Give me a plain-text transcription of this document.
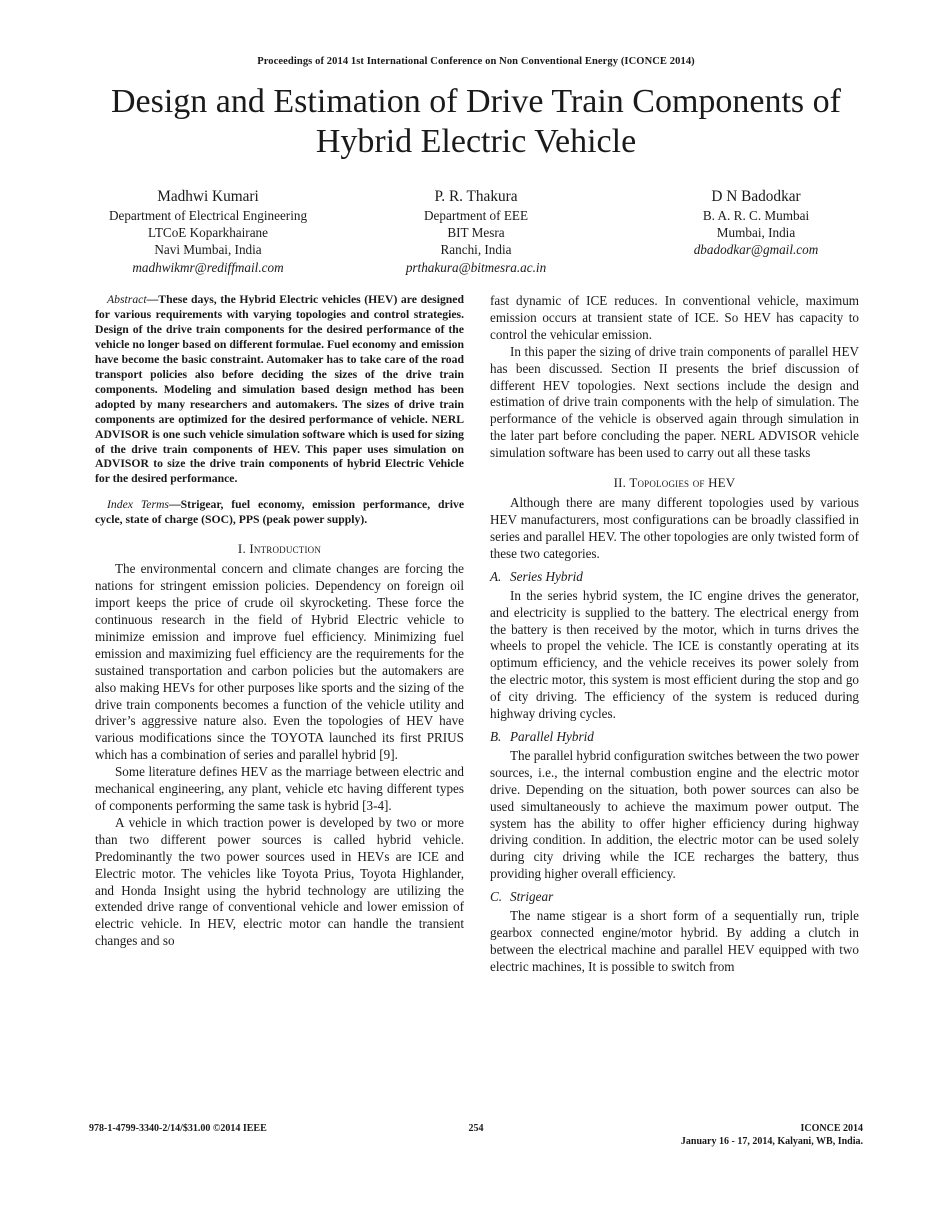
Proceedings of 2014 1st International Conference on Non Conventional Energy (ICONCE 2014)
Design and Estimation of Drive Train Components of
Hybrid Electric Vehicle
Madhwi Kumari
Department of Electrical Engineering
LTCoE Koparkhairane
Navi Mumbai, India
madhwikmr@rediffmail.com
P. R. Thakura
Department of EEE
BIT Mesra
Ranchi, India
prthakura@bitmesra.ac.in
D N Badodkar
B. A. R. C. Mumbai
Mumbai, India
dbadodkar@gmail.com

Abstract—These days, the Hybrid Electric vehicles (HEV) are designed for various requirements with varying topologies and control strategies. Design of the drive train components for the desired performance of the vehicle no longer based on different formulae. Fuel economy and emission have become the basic constraint. Automaker has to take care of the road transport policies also before deciding the sizes of the drive train components. Modeling and simulation based design method has been adopted by many researchers and automakers. The sizes of drive train components are optimized for the desired performance of vehicle. NERL ADVISOR is one such vehicle simulation software which is used for sizing of the drive train components of HEV. This paper uses simulation on ADVISOR to size the drive train components of hybrid Electric Vehicle for the desired performance.

Index Terms—Strigear, fuel economy, emission performance, drive cycle, state of charge (SOC), PPS (peak power supply).

I. Introduction

The environmental concern and climate changes are forcing the nations for stringent emission policies. Dependency on foreign oil import keeps the price of crude oil skyrocketing. These force the continuous research in the field of Hybrid Electric vehicle to minimize emission and improve fuel efficiency. Minimizing fuel emission and maximizing fuel efficiency are the requirements for the sustained transportation and carbon policies but the automakers are also making HEVs for other purposes like sports and the sizing of the drive train components becomes a function of the vehicle utility and driver’s aggressive nature also. Even the topologies of HEV have various modifications since the TOYOTA launched its first PRIUS which has a combination of series and parallel hybrid [9].

Some literature defines HEV as the marriage between electric and mechanical engineering, any plant, vehicle etc having different types of components performing the same task is hybrid [3-4].

A vehicle in which traction power is developed by two or more than two different power sources is called hybrid vehicle. Predominantly the two power sources used in HEVs are ICE and Electric motor. The vehicles like Toyota Prius, Toyota Highlander, and Honda Insight using the hybrid technology are utilizing the extended drive range of conventional vehicle and lower emission of electric vehicle. In HEV, electric motor can handle the transient changes and so

fast dynamic of ICE reduces. In conventional vehicle, maximum emission occurs at transient state of ICE. So HEV has capacity to control the vehicular emission.

In this paper the sizing of drive train components of parallel HEV has been discussed. Section II presents the brief discussion of different HEV topologies. Next sections include the design and estimation of drive train components with the help of simulation. The performance of the vehicle is observed again through simulation in the later part before concluding the paper. NERL ADVISOR vehicle simulation software has been used to carry out all these tasks

II. Topologies of HEV

Although there are many different topologies used by various HEV manufacturers, most configurations can be broadly classified in series and parallel HEV. The other topologies are only twisted form of these two categories.

A. Series Hybrid

In the series hybrid system, the IC engine drives the generator, and electricity is supplied to the battery. The electrical energy from the battery is then received by the motor, which in turns drives the wheels to propel the vehicle. The ICE is constantly operating at its optimum efficiency, and the vehicle receives its power solely from the electric motor, this system is most efficient during the stop and go of city driving. The efficiency of the system is reduced during highway driving cycles.

B. Parallel Hybrid

The parallel hybrid configuration switches between the two power sources, i.e., the internal combustion engine and the electric motor drive. Depending on the situation, both power sources can also be used simultaneously to achieve the maximum power output. The system has the ability to offer higher efficiency during highway driving condition. In addition, the electric motor can be used solely during city driving while the ICE recharges the battery, thus providing higher overall efficiency.

C. Strigear

The name stigear is a short form of a sequentially run, triple gearbox connected engine/motor hybrid. By adding a clutch in between the electrical machine and parallel HEV equipped with two electric machines, It is possible to switch from

978-1-4799-3340-2/14/$31.00 ©2014 IEEE	254	ICONCE 2014
January 16 - 17, 2014, Kalyani, WB, India.
